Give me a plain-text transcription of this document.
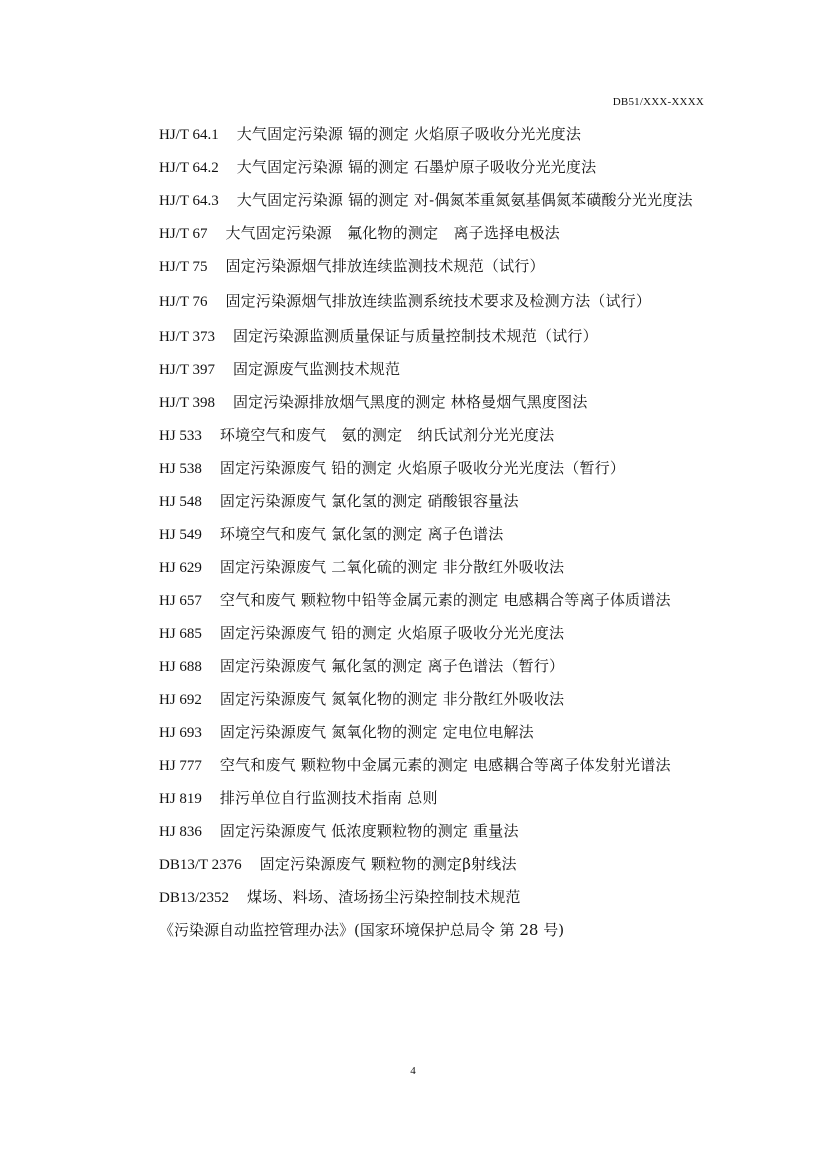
DB51/XXX-XXXX

HJ/T 64.1 大气固定污染源 镉的测定 火焰原子吸收分光光度法

HJ/T 64.2 大气固定污染源 镉的测定 石墨炉原子吸收分光光度法

HJ/T 64.3 大气固定污染源 镉的测定 对-偶氮苯重氮氨基偶氮苯磺酸分光光度法

HJ/T 67 大气固定污染源　氟化物的测定　离子选择电极法

HJ/T 75 固定污染源烟气排放连续监测技术规范（试行）

HJ/T 76 固定污染源烟气排放连续监测系统技术要求及检测方法（试行）

HJ/T 373 固定污染源监测质量保证与质量控制技术规范（试行）

HJ/T 397 固定源废气监测技术规范

HJ/T 398 固定污染源排放烟气黑度的测定 林格曼烟气黑度图法

HJ 533 环境空气和废气　氨的测定　纳氏试剂分光光度法

HJ 538 固定污染源废气 铅的测定 火焰原子吸收分光光度法（暂行）

HJ 548 固定污染源废气 氯化氢的测定 硝酸银容量法

HJ 549 环境空气和废气 氯化氢的测定 离子色谱法

HJ 629 固定污染源废气 二氧化硫的测定 非分散红外吸收法

HJ 657 空气和废气 颗粒物中铅等金属元素的测定 电感耦合等离子体质谱法

HJ 685 固定污染源废气 铅的测定 火焰原子吸收分光光度法

HJ 688 固定污染源废气 氟化氢的测定 离子色谱法（暂行）

HJ 692 固定污染源废气 氮氧化物的测定 非分散红外吸收法

HJ 693 固定污染源废气 氮氧化物的测定 定电位电解法

HJ 777 空气和废气 颗粒物中金属元素的测定 电感耦合等离子体发射光谱法

HJ 819 排污单位自行监测技术指南 总则

HJ 836 固定污染源废气 低浓度颗粒物的测定 重量法

DB13/T 2376 固定污染源废气 颗粒物的测定β射线法

DB13/2352 煤场、料场、渣场扬尘污染控制技术规范

《污染源自动监控管理办法》(国家环境保护总局令 第 28 号)

4
